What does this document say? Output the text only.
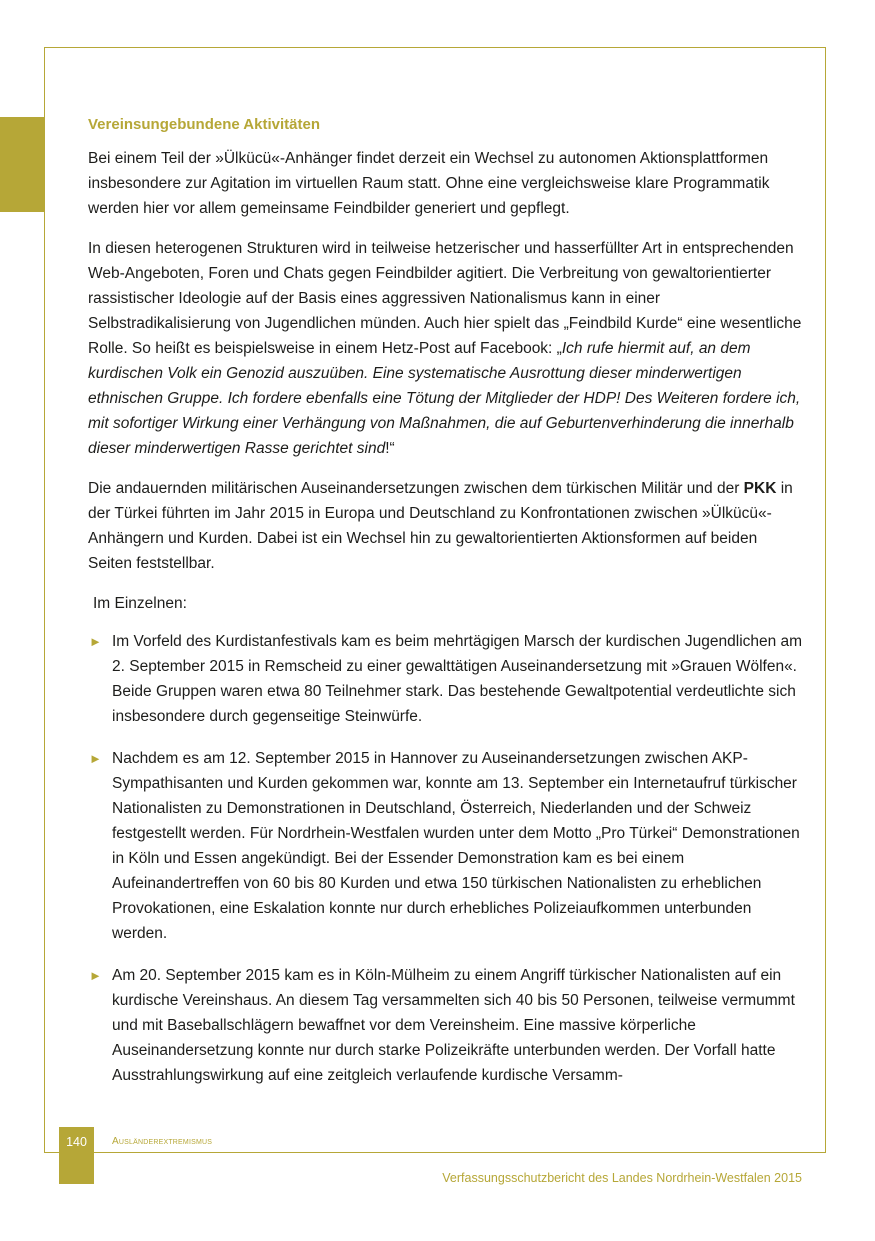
Vereinsungebundene Aktivitäten

Bei einem Teil der »Ülkücü«-Anhänger findet derzeit ein Wechsel zu autonomen Aktionsplattformen insbesondere zur Agitation im virtuellen Raum statt. Ohne eine vergleichsweise klare Programmatik werden hier vor allem gemeinsame Feindbilder generiert und gepflegt.

In diesen heterogenen Strukturen wird in teilweise hetzerischer und hasserfüllter Art in entsprechenden Web-Angeboten, Foren und Chats gegen Feindbilder agitiert. Die Verbreitung von gewaltorientierter rassistischer Ideologie auf der Basis eines aggressiven Nationalismus kann in einer Selbstradikalisierung von Jugendlichen münden. Auch hier spielt das „Feindbild Kurde“ eine wesentliche Rolle. So heißt es beispielsweise in einem Hetz-Post auf Facebook: „Ich rufe hiermit auf, an dem kurdischen Volk ein Genozid auszuüben. Eine systematische Ausrottung dieser minderwertigen ethnischen Gruppe. Ich fordere ebenfalls eine Tötung der Mitglieder der HDP! Des Weiteren fordere ich, mit sofortiger Wirkung einer Verhängung von Maßnahmen, die auf Geburtenverhinderung die innerhalb dieser minderwertigen Rasse gerichtet sind!“

Die andauernden militärischen Auseinandersetzungen zwischen dem türkischen Militär und der PKK in der Türkei führten im Jahr 2015 in Europa und Deutschland zu Konfrontationen zwischen »Ülkücü«- Anhängern und Kurden. Dabei ist ein Wechsel hin zu gewaltorientierten Aktionsformen auf beiden Seiten feststellbar.

Im Einzelnen:

► Im Vorfeld des Kurdistanfestivals kam es beim mehrtägigen Marsch der kurdischen Jugendlichen am 2. September 2015 in Remscheid zu einer gewalttätigen Auseinandersetzung mit »Grauen Wölfen«. Beide Gruppen waren etwa 80 Teilnehmer stark. Das bestehende Gewaltpotential verdeutlichte sich insbesondere durch gegenseitige Steinwürfe.
► Nachdem es am 12. September 2015 in Hannover zu Auseinandersetzungen zwischen AKP-Sympathisanten und Kurden gekommen war, konnte am 13. September ein Internetaufruf türkischer Nationalisten zu Demonstrationen in Deutschland, Österreich, Niederlanden und der Schweiz festgestellt werden. Für Nordrhein-Westfalen wurden unter dem Motto „Pro Türkei“ Demonstrationen in Köln und Essen angekündigt. Bei der Essender Demonstration kam es bei einem Aufeinandertreffen von 60 bis 80 Kurden und etwa 150 türkischen Nationalisten zu erheblichen Provokationen, eine Eskalation konnte nur durch erhebliches Polizeiaufkommen unterbunden werden.
► Am 20. September 2015 kam es in Köln-Mülheim zu einem Angriff türkischer Nationalisten auf ein kurdische Vereinshaus. An diesem Tag versammelten sich 40 bis 50 Personen, teilweise vermummt und mit Baseballschlägern bewaffnet vor dem Vereinsheim. Eine massive körperliche Auseinandersetzung konnte nur durch starke Polizeikräfte unterbunden werden. Der Vorfall hatte Ausstrahlungswirkung auf eine zeitgleich verlaufende kurdische Versamm-
140	Ausländerextremismus
Verfassungsschutzbericht des Landes Nordrhein-Westfalen 2015
